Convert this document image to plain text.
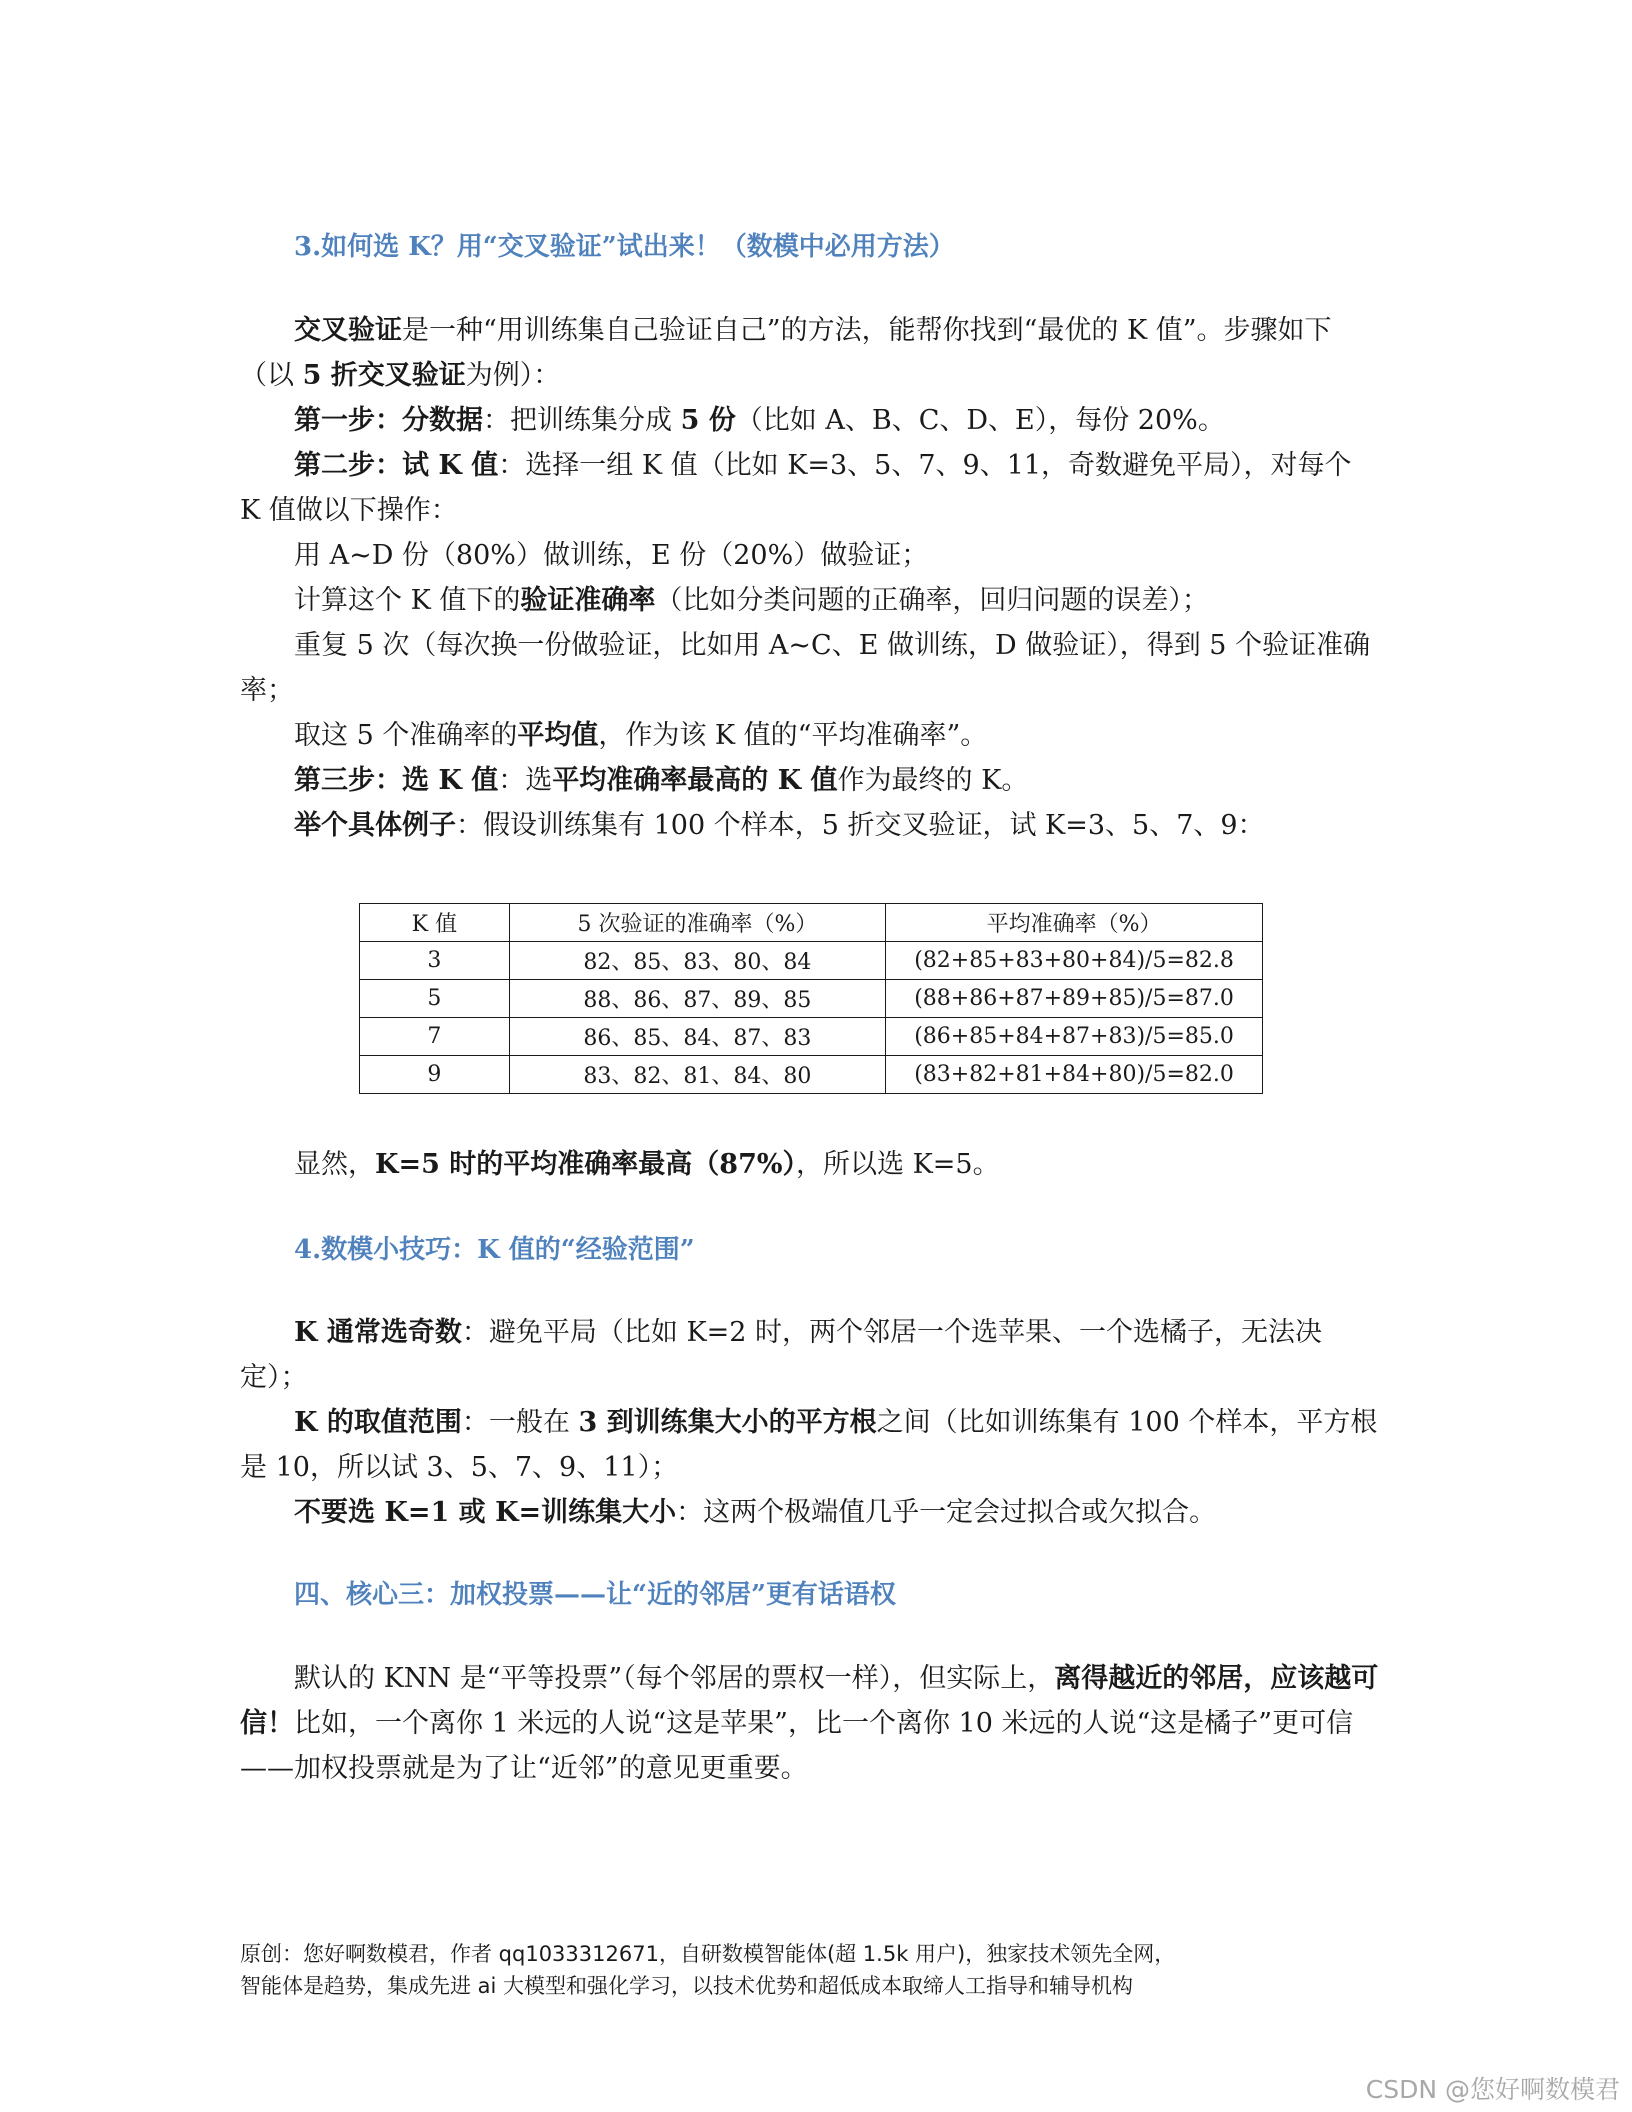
3.如何选 K？用“交叉验证”试出来！（数模中必用方法）

交叉验证是一种“用训练集自己验证自己”的方法，能帮你找到“最优的 K 值”。步骤如下（以 5 折交叉验证为例）：

第一步：分数据：把训练集分成 5 份（比如 A、B、C、D、E），每份 20%。

第二步：试 K 值：选择一组 K 值（比如 K=3、5、7、9、11，奇数避免平局），对每个 K 值做以下操作：

用 A~D 份（80%）做训练，E 份（20%）做验证；

计算这个 K 值下的验证准确率（比如分类问题的正确率，回归问题的误差）；

重复 5 次（每次换一份做验证，比如用 A~C、E 做训练，D 做验证），得到 5 个验证准确率；

取这 5 个准确率的平均值，作为该 K 值的“平均准确率”。

第三步：选 K 值：选平均准确率最高的 K 值作为最终的 K。

举个具体例子：假设训练集有 100 个样本，5 折交叉验证，试 K=3、5、7、9：

K 值	5 次验证的准确率（%）	平均准确率（%）
3	82、85、83、80、84	(82+85+83+80+84)/5=82.8
5	88、86、87、89、85	(88+86+87+89+85)/5=87.0
7	86、85、84、87、83	(86+85+84+87+83)/5=85.0
9	83、82、81、84、80	(83+82+81+84+80)/5=82.0

显然，K=5 时的平均准确率最高（87%），所以选 K=5。

4.数模小技巧：K 值的“经验范围”

K 通常选奇数：避免平局（比如 K=2 时，两个邻居一个选苹果、一个选橘子，无法决定）；

K 的取值范围：一般在 3 到训练集大小的平方根之间（比如训练集有 100 个样本，平方根是 10，所以试 3、5、7、9、11）；

不要选 K=1 或 K=训练集大小：这两个极端值几乎一定会过拟合或欠拟合。

四、核心三：加权投票——让“近的邻居”更有话语权

默认的 KNN 是“平等投票”（每个邻居的票权一样），但实际上，离得越近的邻居，应该越可信！比如，一个离你 1 米远的人说“这是苹果”，比一个离你 10 米远的人说“这是橘子”更可信——加权投票就是为了让“近邻”的意见更重要。

原创：您好啊数模君，作者 qq1033312671，自研数模智能体(超 1.5k 用户)，独家技术领先全网，
智能体是趋势，集成先进 ai 大模型和强化学习，以技术优势和超低成本取缔人工指导和辅导机构
CSDN @您好啊数模君
